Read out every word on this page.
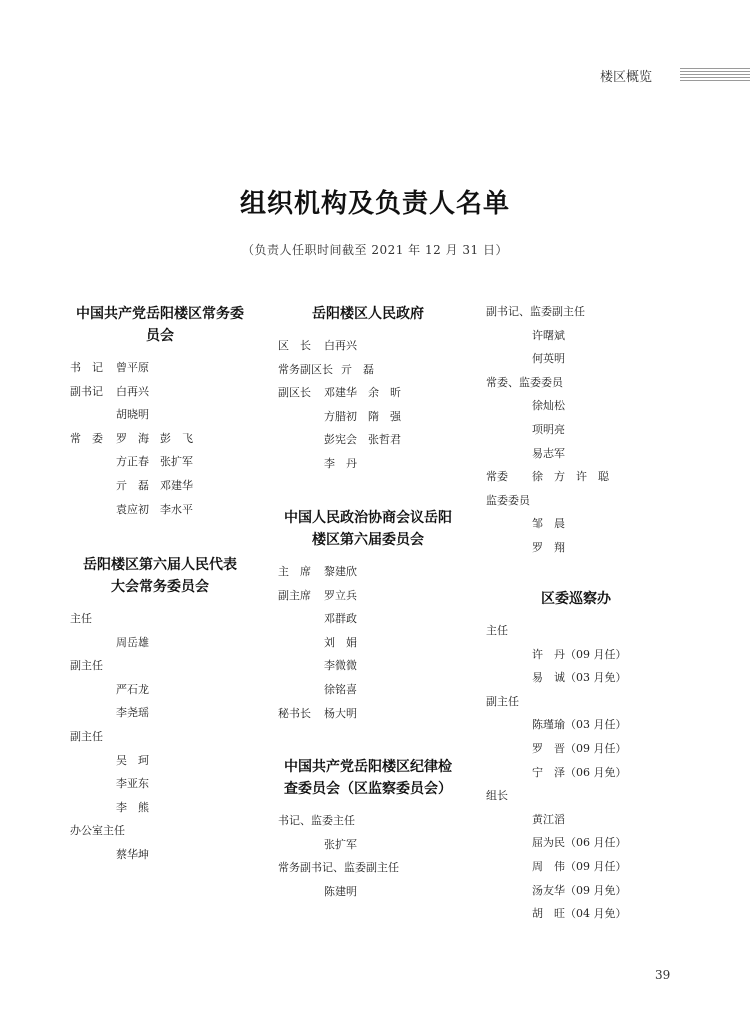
楼区概览
组织机构及负责人名单
（负责人任职时间截至 2021 年 12 月 31 日）
中国共产党岳阳楼区常务委
员会
书　记 曾平原
副书记 白再兴
胡晓明
常　委 罗　海　彭　飞
方正春　张扩军
亓　磊　邓建华
袁应初　李水平
岳阳楼区第六届人民代表
大会常务委员会
主任
周岳雄
副主任
严石龙
李尧瑶
副主任
吴　珂
李亚东
李　熊
办公室主任
蔡华坤
岳阳楼区人民政府
区　长 白再兴
常务副区长 亓　磊
副区长 邓建华　余　昕
方腊初　隋　强
彭宪会　张哲君
李　丹
中国人民政治协商会议岳阳
楼区第六届委员会
主　席 黎建欣
副主席 罗立兵
邓群政
刘　娟
李微微
徐铭喜
秘书长 杨大明
中国共产党岳阳楼区纪律检
查委员会（区监察委员会）
书记、监委主任
张扩军
常务副书记、监委副主任
陈建明
副书记、监委副主任
许曙斌
何英明
常委、监委委员
徐灿松
项明亮
易志军
常委 徐　方　许　聪
监委委员
邹　晨
罗　翔
区委巡察办
主任
许　丹（09 月任）
易　诚（03 月免）
副主任
陈瑾瑜（03 月任）
罗　晋（09 月任）
宁　泽（06 月免）
组长
黄江滔
屈为民（06 月任）
周　伟（09 月任）
汤友华（09 月免）
胡　旺（04 月免）
39
